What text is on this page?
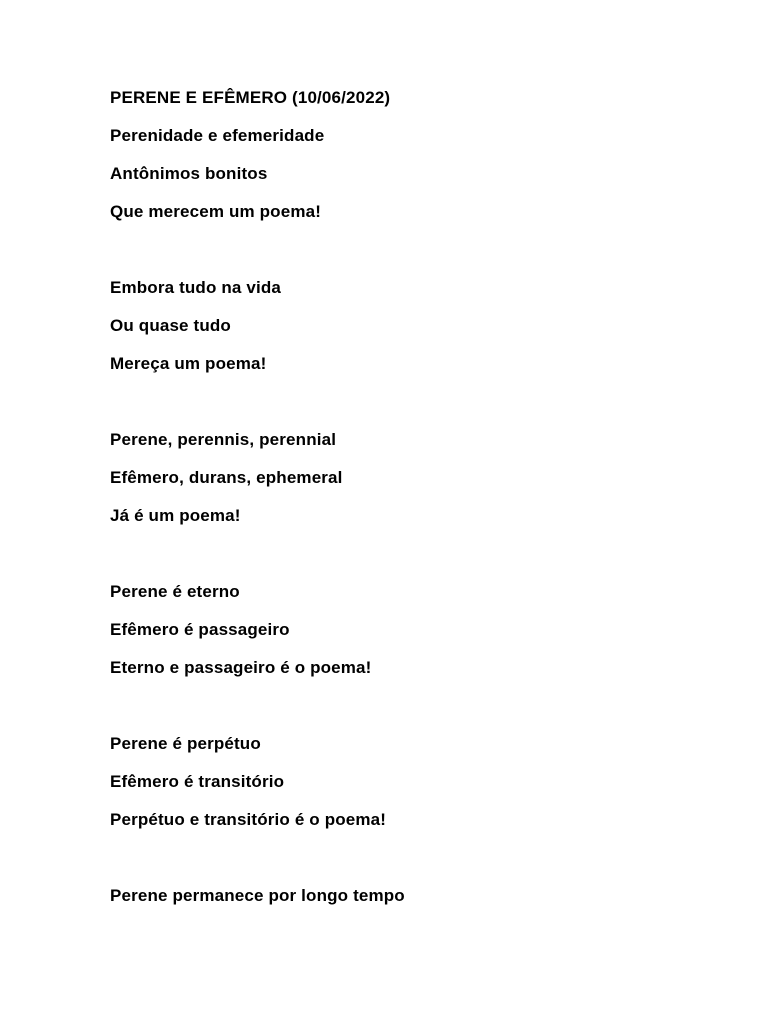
PERENE E EFÊMERO (10/06/2022)

Perenidade e efemeridade

Antônimos bonitos

Que merecem um poema!

Embora tudo na vida

Ou quase tudo

Mereça um poema!

Perene, perennis, perennial

Efêmero, durans, ephemeral

Já é um poema!

Perene é eterno

Efêmero é passageiro

Eterno e passageiro é o poema!

Perene é perpétuo

Efêmero é transitório

Perpétuo e transitório é o poema!

Perene permanece por longo tempo
